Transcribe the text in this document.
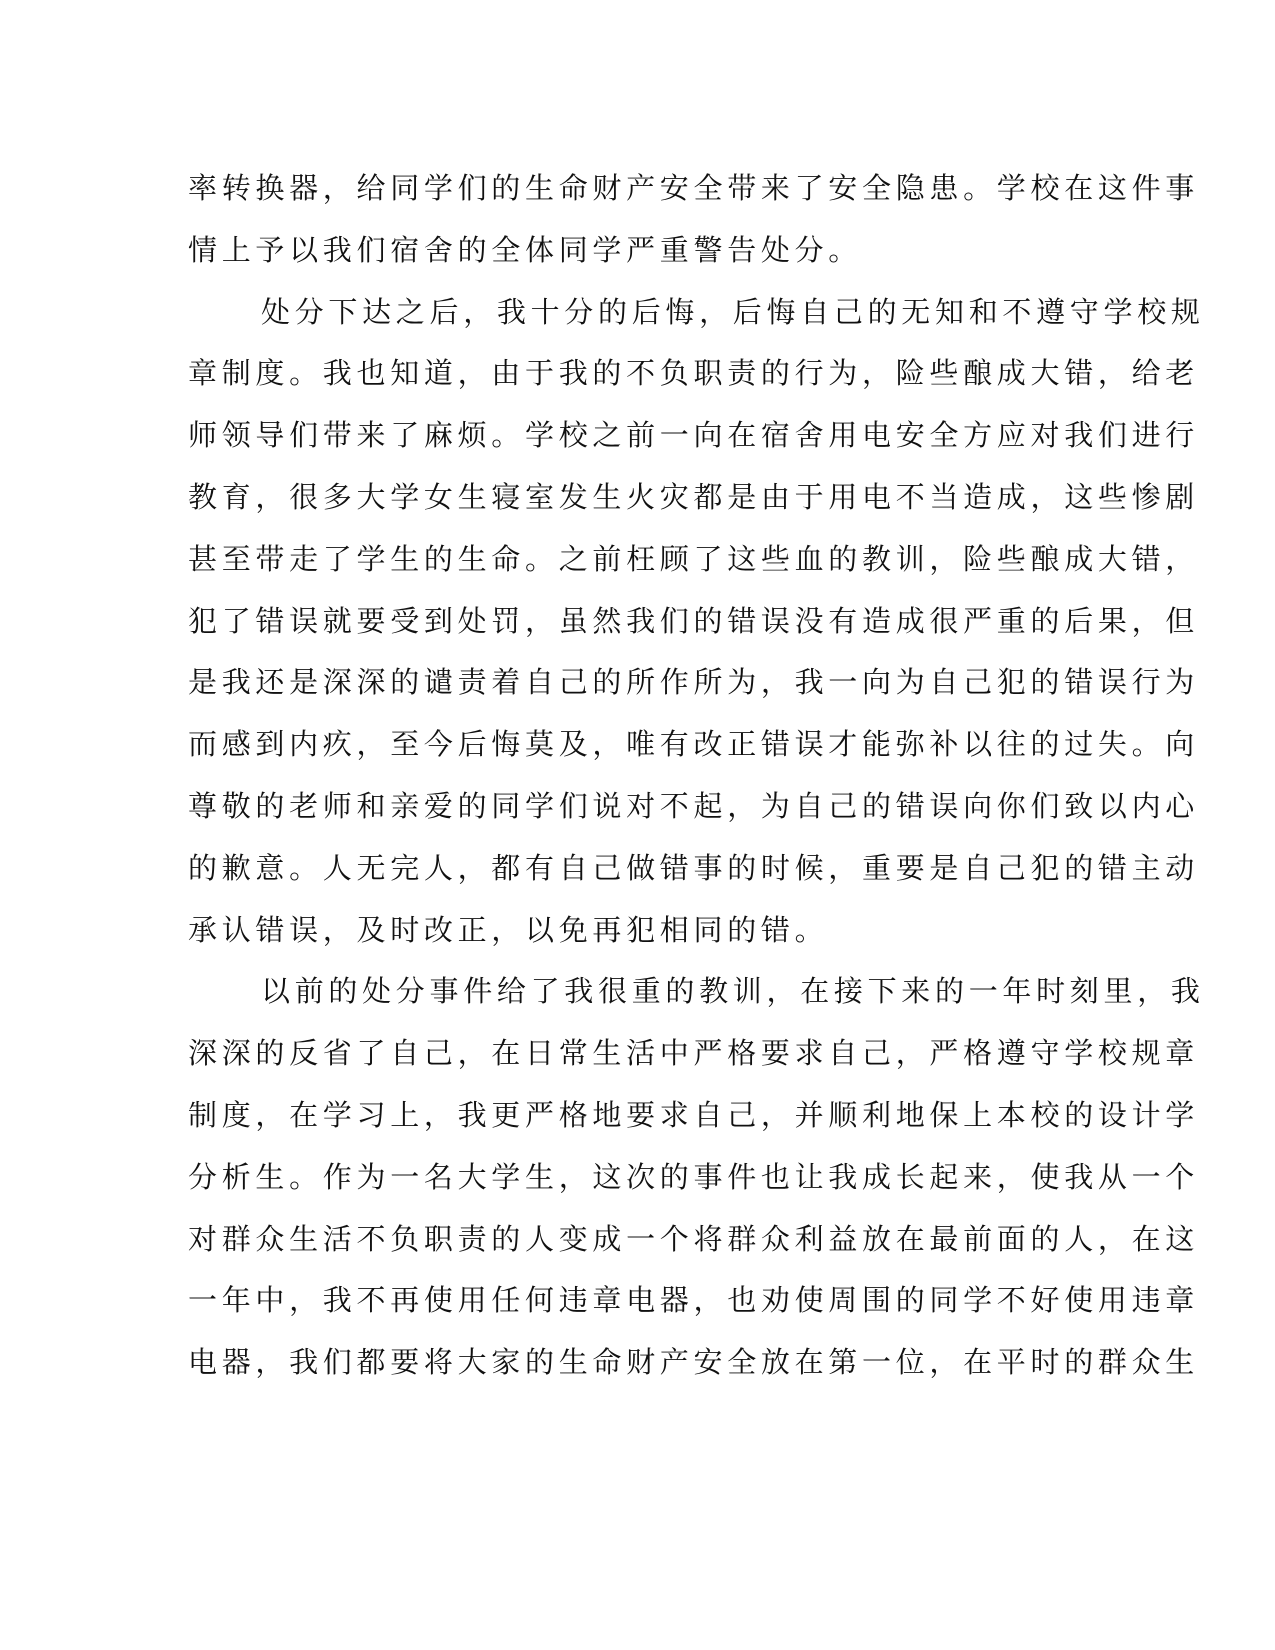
率转换器，给同学们的生命财产安全带来了安全隐患。学校在这件事
情上予以我们宿舍的全体同学严重警告处分。
处分下达之后，我十分的后悔，后悔自己的无知和不遵守学校规
章制度。我也知道，由于我的不负职责的行为，险些酿成大错，给老
师领导们带来了麻烦。学校之前一向在宿舍用电安全方应对我们进行
教育，很多大学女生寝室发生火灾都是由于用电不当造成，这些惨剧
甚至带走了学生的生命。之前枉顾了这些血的教训，险些酿成大错，
犯了错误就要受到处罚，虽然我们的错误没有造成很严重的后果，但
是我还是深深的谴责着自己的所作所为，我一向为自己犯的错误行为
而感到内疚，至今后悔莫及，唯有改正错误才能弥补以往的过失。向
尊敬的老师和亲爱的同学们说对不起，为自己的错误向你们致以内心
的歉意。人无完人，都有自己做错事的时候，重要是自己犯的错主动
承认错误，及时改正，以免再犯相同的错。
以前的处分事件给了我很重的教训，在接下来的一年时刻里，我
深深的反省了自己，在日常生活中严格要求自己，严格遵守学校规章
制度，在学习上，我更严格地要求自己，并顺利地保上本校的设计学
分析生。作为一名大学生，这次的事件也让我成长起来，使我从一个
对群众生活不负职责的人变成一个将群众利益放在最前面的人，在这
一年中，我不再使用任何违章电器，也劝使周围的同学不好使用违章
电器，我们都要将大家的生命财产安全放在第一位，在平时的群众生
